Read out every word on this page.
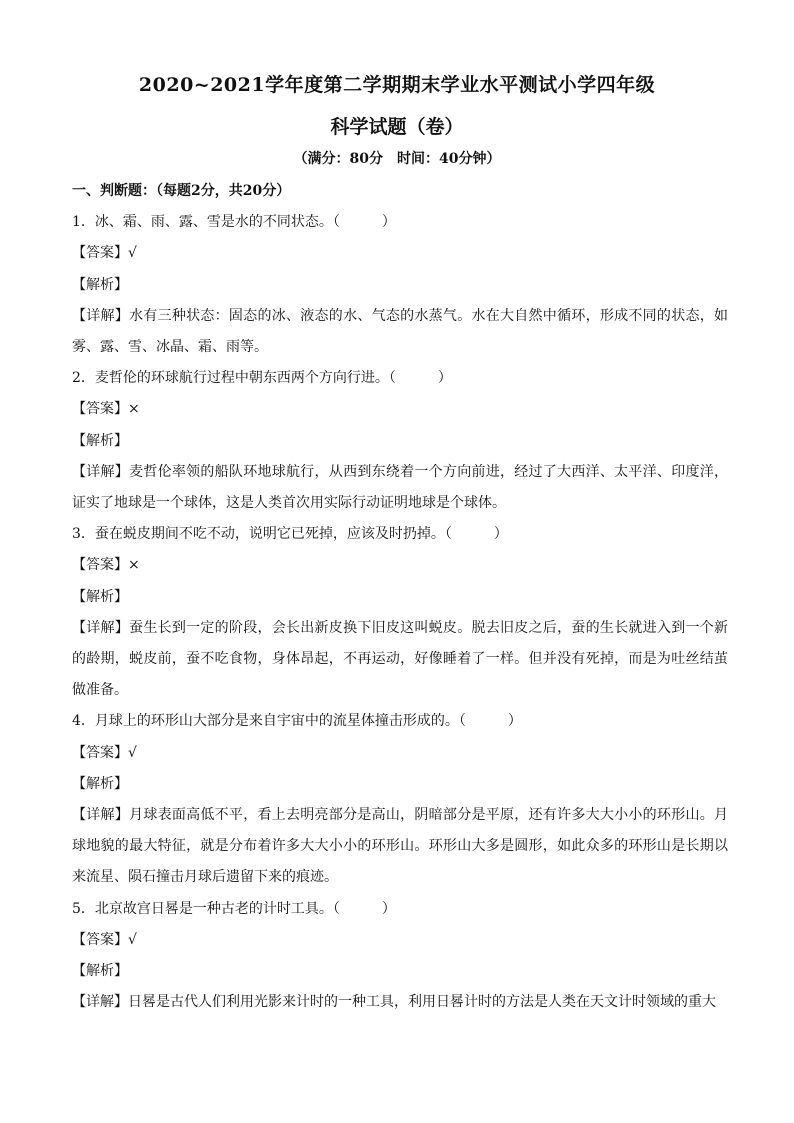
2020~2021学年度第二学期期末学业水平测试小学四年级
科学试题（卷）
（满分：80分　时间：40分钟）

一、判断题：（每题2分，共20分）

1．冰、霜、雨、露、雪是水的不同状态。（	）

【答案】√

【解析】

【详解】水有三种状态：固态的冰、液态的水、气态的水蒸气。水在大自然中循环，形成不同的状态，如雾、露、雪、冰晶、霜、雨等。

2．麦哲伦的环球航行过程中朝东西两个方向行进。（	）

【答案】×

【解析】

【详解】麦哲伦率领的船队环地球航行，从西到东绕着一个方向前进，经过了大西洋、太平洋、印度洋，证实了地球是一个球体，这是人类首次用实际行动证明地球是个球体。

3．蚕在蜕皮期间不吃不动，说明它已死掉，应该及时扔掉。（	）

【答案】×

【解析】

【详解】蚕生长到一定的阶段，会长出新皮换下旧皮这叫蜕皮。脱去旧皮之后，蚕的生长就进入到一个新的龄期，蜕皮前，蚕不吃食物，身体昂起，不再运动，好像睡着了一样。但并没有死掉，而是为吐丝结茧做准备。

4．月球上的环形山大部分是来自宇宙中的流星体撞击形成的。（	）

【答案】√

【解析】

【详解】月球表面高低不平，看上去明亮部分是高山，阴暗部分是平原，还有许多大大小小的环形山。月球地貌的最大特征，就是分布着许多大大小小的环形山。环形山大多是圆形，如此众多的环形山是长期以来流星、陨石撞击月球后遗留下来的痕迹。

5．北京故宫日晷是一种古老的计时工具。（	）

【答案】√

【解析】

【详解】日晷是古代人们利用光影来计时的一种工具，利用日晷计时的方法是人类在天文计时领域的重大
